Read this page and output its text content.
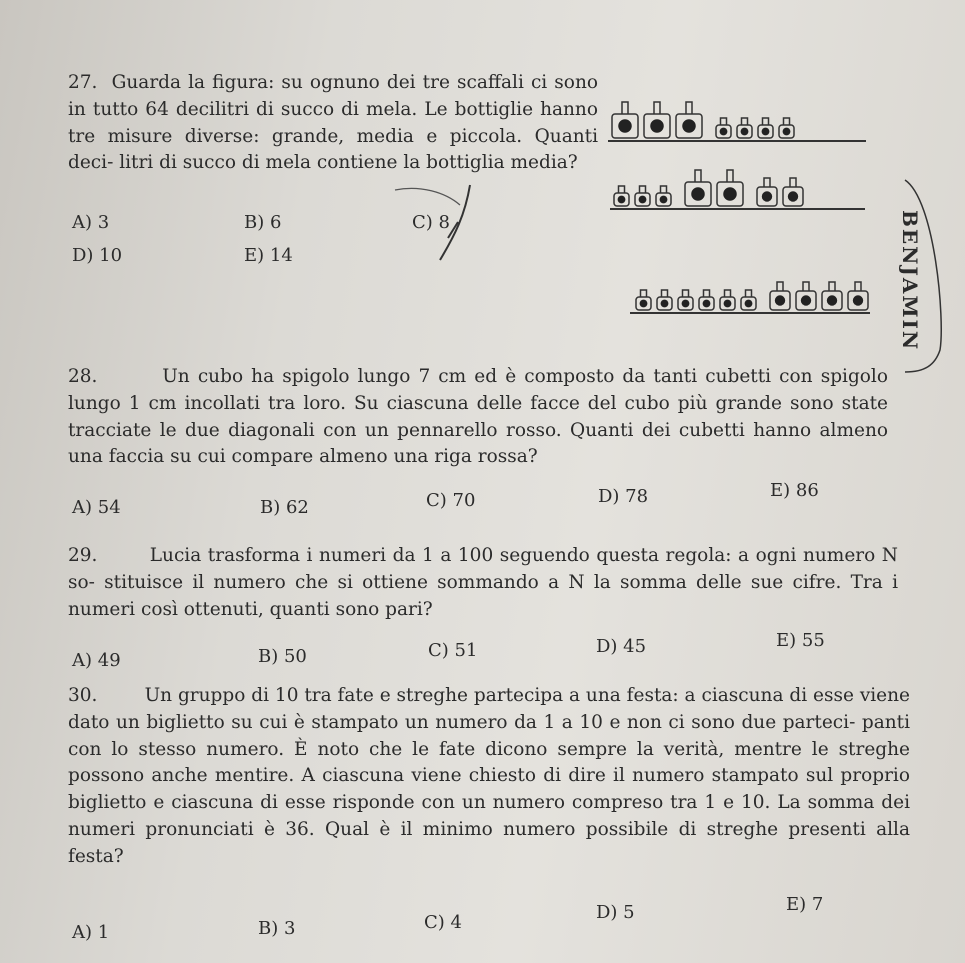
27. Guarda la figura: su ognuno dei tre scaffali ci sono in tutto 64 decilitri di succo di mela. Le bottiglie hanno tre misure diverse: grande, media e piccola. Quanti deci- litri di succo di mela contiene la bottiglia media?
A) 3	B) 6	C) 8
D) 10	E) 14	BENJAMIN
28.	Un cubo ha spigolo lungo 7 cm ed è composto da tanti cubetti con spigolo lungo 1 cm incollati tra loro. Su ciascuna delle facce del cubo più grande sono state tracciate le due diagonali con un pennarello rosso. Quanti dei cubetti hanno almeno una faccia su cui compare almeno una riga rossa?
A) 54	B) 62	C) 70	D) 78	E) 86
29.	Lucia trasforma i numeri da 1 a 100 seguendo questa regola: a ogni numero N so- stituisce il numero che si ottiene sommando a N la somma delle sue cifre. Tra i numeri così ottenuti, quanti sono pari?
A) 49	B) 50	C) 51	D) 45	E) 55
30.	Un gruppo di 10 tra fate e streghe partecipa a una festa: a ciascuna di esse viene dato un biglietto su cui è stampato un numero da 1 a 10 e non ci sono due parteci- panti con lo stesso numero. È noto che le fate dicono sempre la verità, mentre le streghe possono anche mentire. A ciascuna viene chiesto di dire il numero stampato sul proprio biglietto e ciascuna di esse risponde con un numero compreso tra 1 e 10. La somma dei numeri pronunciati è 36. Qual è il minimo numero possibile di streghe presenti alla festa?
A) 1	B) 3	C) 4	D) 5	E) 7
